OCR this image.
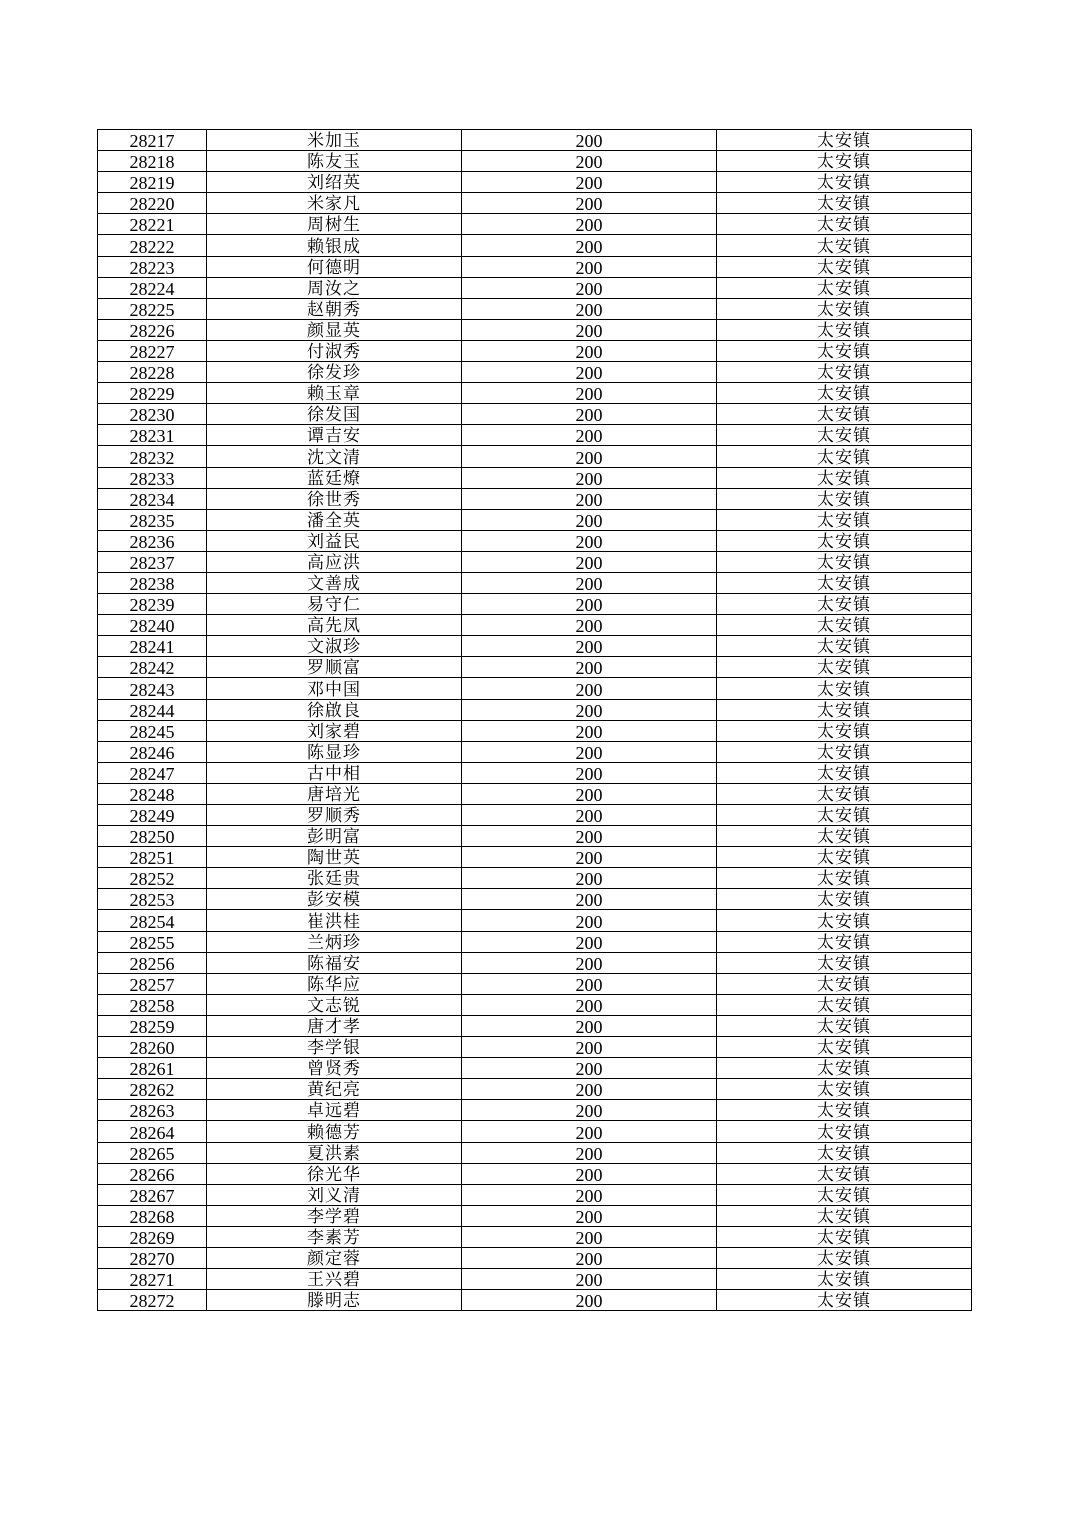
28217	米加玉	200	太安镇
28218	陈友玉	200	太安镇
28219	刘绍英	200	太安镇
28220	米家凡	200	太安镇
28221	周树生	200	太安镇
28222	赖银成	200	太安镇
28223	何德明	200	太安镇
28224	周汝之	200	太安镇
28225	赵朝秀	200	太安镇
28226	颜显英	200	太安镇
28227	付淑秀	200	太安镇
28228	徐发珍	200	太安镇
28229	赖玉章	200	太安镇
28230	徐发国	200	太安镇
28231	谭吉安	200	太安镇
28232	沈文清	200	太安镇
28233	蓝廷燎	200	太安镇
28234	徐世秀	200	太安镇
28235	潘全英	200	太安镇
28236	刘益民	200	太安镇
28237	高应洪	200	太安镇
28238	文善成	200	太安镇
28239	易守仁	200	太安镇
28240	高先凤	200	太安镇
28241	文淑珍	200	太安镇
28242	罗顺富	200	太安镇
28243	邓中国	200	太安镇
28244	徐啟良	200	太安镇
28245	刘家碧	200	太安镇
28246	陈显珍	200	太安镇
28247	古中相	200	太安镇
28248	唐培光	200	太安镇
28249	罗顺秀	200	太安镇
28250	彭明富	200	太安镇
28251	陶世英	200	太安镇
28252	张廷贵	200	太安镇
28253	彭安模	200	太安镇
28254	崔洪桂	200	太安镇
28255	兰炳珍	200	太安镇
28256	陈福安	200	太安镇
28257	陈华应	200	太安镇
28258	文志锐	200	太安镇
28259	唐才孝	200	太安镇
28260	李学银	200	太安镇
28261	曾贤秀	200	太安镇
28262	黄纪亮	200	太安镇
28263	卓远碧	200	太安镇
28264	赖德芳	200	太安镇
28265	夏洪素	200	太安镇
28266	徐光华	200	太安镇
28267	刘义清	200	太安镇
28268	李学碧	200	太安镇
28269	李素芳	200	太安镇
28270	颜定蓉	200	太安镇
28271	王兴碧	200	太安镇
28272	滕明志	200	太安镇
